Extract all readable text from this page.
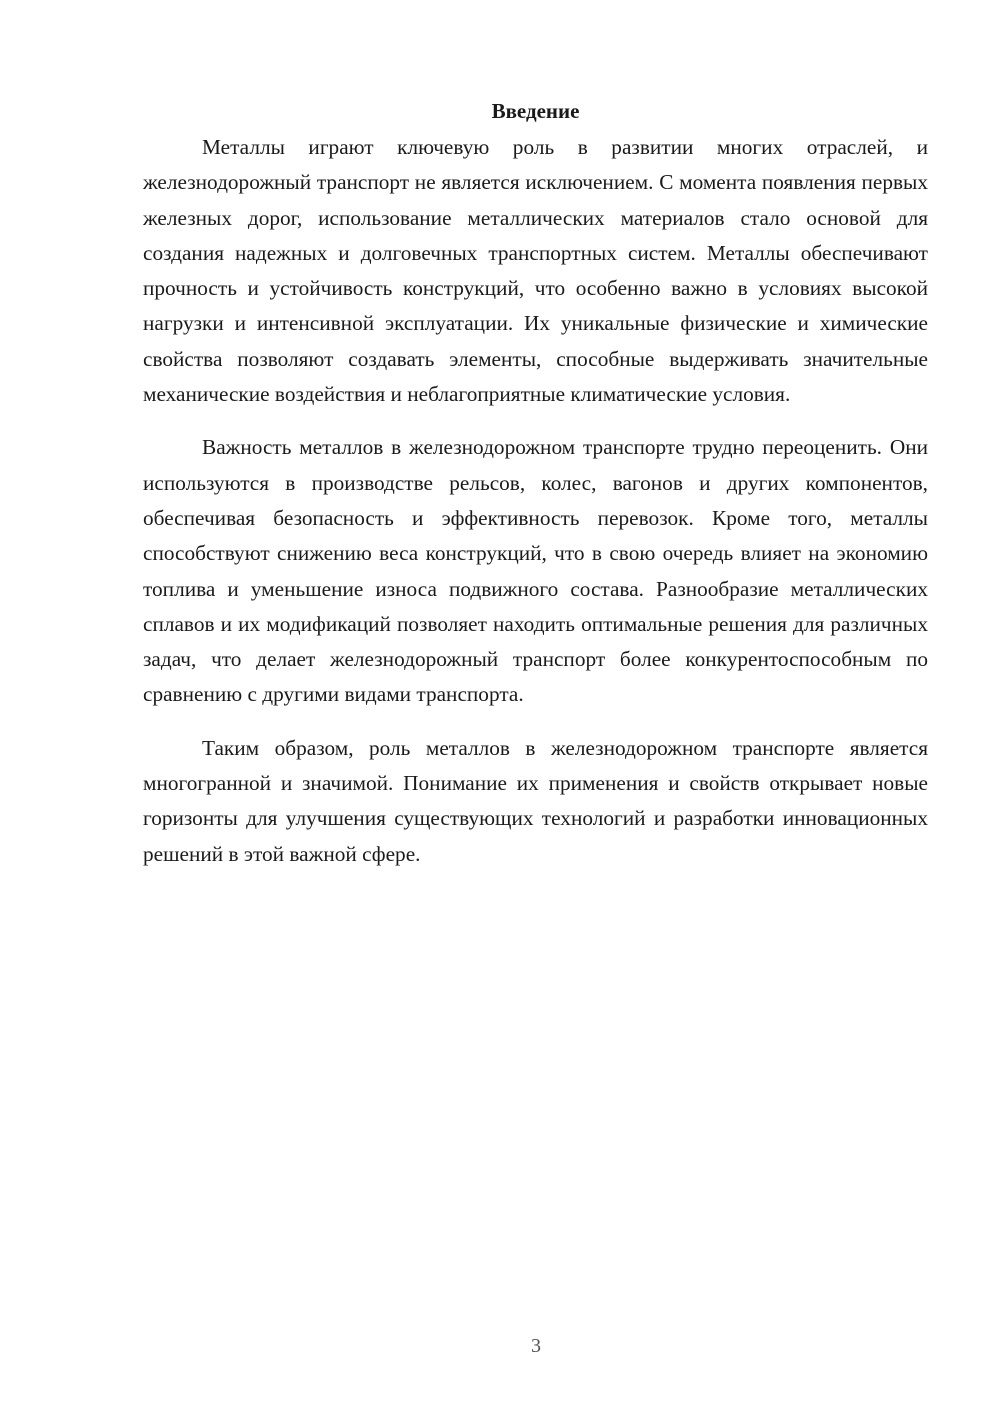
Введение

Металлы играют ключевую роль в развитии многих отраслей, и железнодорожный транспорт не является исключением. С момента появления первых железных дорог, использование металлических материалов стало основой для создания надежных и долговечных транспортных систем. Металлы обеспечивают прочность и устойчивость конструкций, что особенно важно в условиях высокой нагрузки и интенсивной эксплуатации. Их уникальные физические и химические свойства позволяют создавать элементы, способные выдерживать значительные механические воздействия и неблагоприятные климатические условия.

Важность металлов в железнодорожном транспорте трудно переоценить. Они используются в производстве рельсов, колес, вагонов и других компонентов, обеспечивая безопасность и эффективность перевозок. Кроме того, металлы способствуют снижению веса конструкций, что в свою очередь влияет на экономию топлива и уменьшение износа подвижного состава. Разнообразие металлических сплавов и их модификаций позволяет находить оптимальные решения для различных задач, что делает железнодорожный транспорт более конкурентоспособным по сравнению с другими видами транспорта.

Таким образом, роль металлов в железнодорожном транспорте является многогранной и значимой. Понимание их применения и свойств открывает новые горизонты для улучшения существующих технологий и разработки инновационных решений в этой важной сфере.

3
